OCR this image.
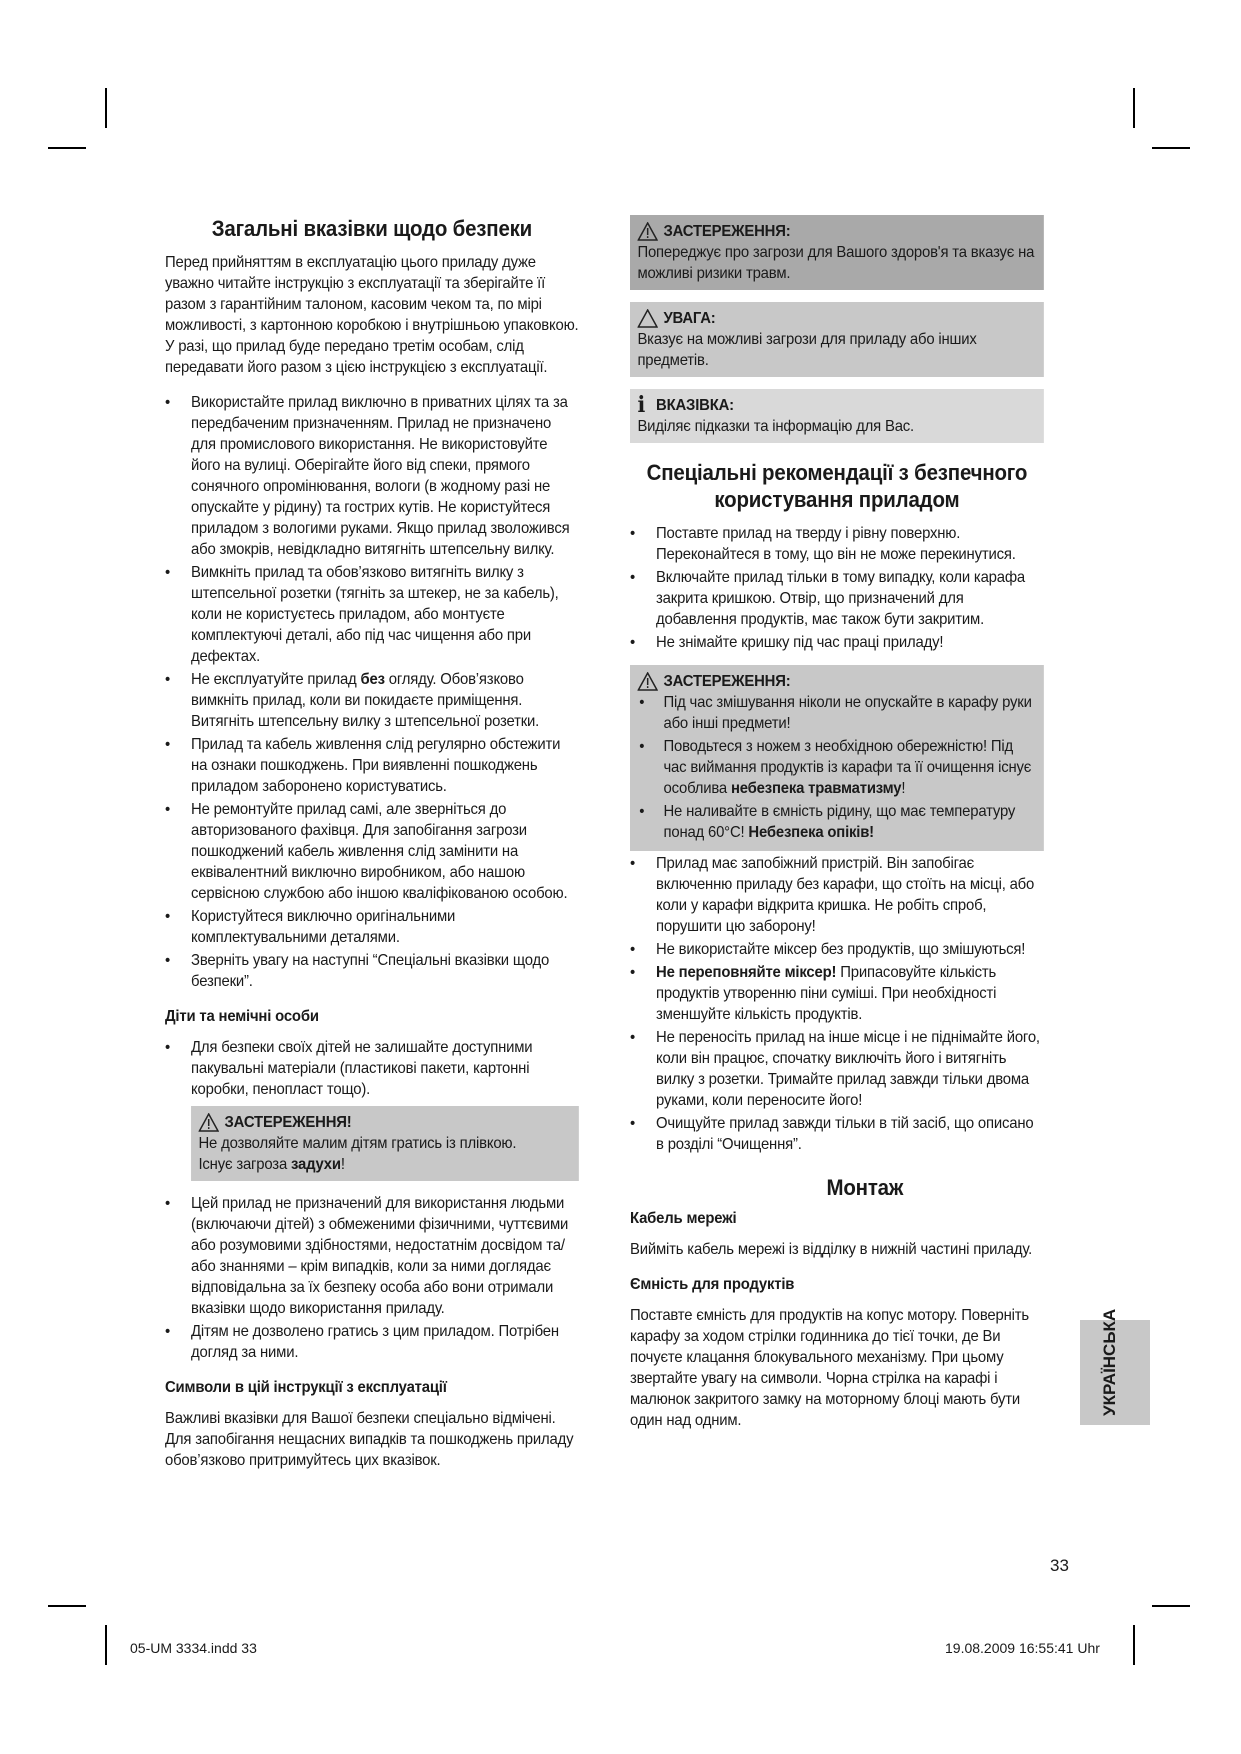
Загальні вказівки щодо безпеки

Перед прийняттям в експлуатацію цього приладу дуже уважно читайте інструкцію з експлуатації та зберігайте її разом з гарантійним талоном, касовим чеком та, по мірі можливості, з картонною коробкою і внутрішньою упаковкою. У разі, що прилад буде передано третім особам, слід передавати його разом з цією інструкцією з експлуатації.

• Використайте прилад виключно в приватних цілях та за передбаченим призначенням. Прилад не призначено для промислового використання. Не використовуйте його на вулиці. Оберігайте його від спеки, прямого сонячного опромінювання, вологи (в жодному разі не опускайте у рідину) та гострих кутів. Не користуйтеся приладом з вологими руками. Якщо прилад зволожився або змокрів, невідкладно витягніть штепсельну вилку.
• Вимкніть прилад та обов’язково витягніть вилку з штепсельної розетки (тягніть за штекер, не за кабель), коли не користуєтесь приладом, або монтуєте комплектуючі деталі, або під час чищення або при дефектах.
• Не експлуатуйте прилад без огляду. Обов’язково вимкніть прилад, коли ви покидаєте приміщення. Витягніть штепсельну вилку з штепсельної розетки.
• Прилад та кабель живлення слід регулярно обстежити на ознаки пошкоджень. При виявленні пошкоджень приладом заборонено користуватись.
• Не ремонтуйте прилад самі, але зверніться до авторизованого фахівця. Для запобігання загрози пошкоджений кабель живлення слід замінити на еквівалентний виключно виробником, або нашою сервісною службою або іншою кваліфікованою особою.
• Користуйтеся виключно оригінальними комплектувальними деталями.
• Зверніть увагу на наступні “Спеціальні вказівки щодо безпеки”.
Діти та немічні особи
• Для безпеки своїх дітей не залишайте доступними пакувальні матеріали (пластикові пакети, картонні коробки, пенопласт тощо).
ЗАСТЕРЕЖЕННЯ!
Не дозволяйте малим дітям гратись із плівкою.
Існує загроза задухи!
• Цей прилад не призначений для використання людьми (включаючи дітей) з обмеженими фізичними, чуттєвими або розумовими здібностями, недостатнім досвідом та/ або знаннями – крім випадків, коли за ними доглядає відповідальна за їх безпеку особа або вони отримали вказівки щодо використання приладу.
• Дітям не дозволено гратись з цим приладом. Потрібен догляд за ними.
Символи в цій інструкції з експлуатації

Важливі вказівки для Вашої безпеки спеціально відмічені. Для запобігання нещасних випадків та пошкоджень приладу обов’язково притримуйтесь цих вказівок.

ЗАСТЕРЕЖЕННЯ:
Попереджує про загрози для Вашого здоров'я та вказує на можливі ризики травм.
УВАГА:
Вказує на можливі загрози для приладу або інших предметів.
i ВКАЗІВКА:
Виділяє підказки та інформацію для Вас.
Спеціальні рекомендації з безпечного користування приладом
• Поставте прилад на тверду і рівну поверхню. Переконайтеся в тому, що він не може перекинутися.
• Включайте прилад тільки в тому випадку, коли карафа закрита кришкою. Отвір, що призначений для добавлення продуктів, має також бути закритим.
• Не знімайте кришку під час праці приладу!
ЗАСТЕРЕЖЕННЯ:
• Під час змішування ніколи не опускайте в карафу руки або інші предмети!
• Поводьтеся з ножем з необхідною обережністю! Під час виймання продуктів із карафи та її очищення існує особлива небезпека травматизму!
• Не наливайте в ємність рідину, що має температуру понад 60°C! Небезпека опіків!
• Прилад має запобіжний пристрій. Він запобігає включенню приладу без карафи, що стоїть на місці, або коли у карафи відкрита кришка. Не робіть спроб, порушити цю заборону!
• Не використайте міксер без продуктів, що змішуються!
• Не переповняйте міксер! Припасовуйте кількість продуктів утворенню піни суміші. При необхідності зменшуйте кількість продуктів.
• Не переносіть прилад на інше місце і не піднімайте його, коли він працює, спочатку виключіть його і витягніть вилку з розетки. Тримайте прилад завжди тільки двома руками, коли переносите його!
• Очищуйте прилад завжди тільки в тій засіб, що описано в розділі “Очищення”.
Монтаж
Кабель мережі

Вийміть кабель мережі із відділку в нижній частині приладу.

Ємність для продуктів

Поставте ємність для продуктів на копус мотору. Поверніть карафу за ходом стрілки годинника до тієї точки, де Ви почуєте клацання блокувального механізму. При цьому звертайте увагу на символи. Чорна стрілка на карафі і малюнок закритого замку на моторному блоці мають бути один над одним.

УКРАЇНСЬКА
33
05-UM 3334.indd 33	19.08.2009 16:55:41 Uhr
